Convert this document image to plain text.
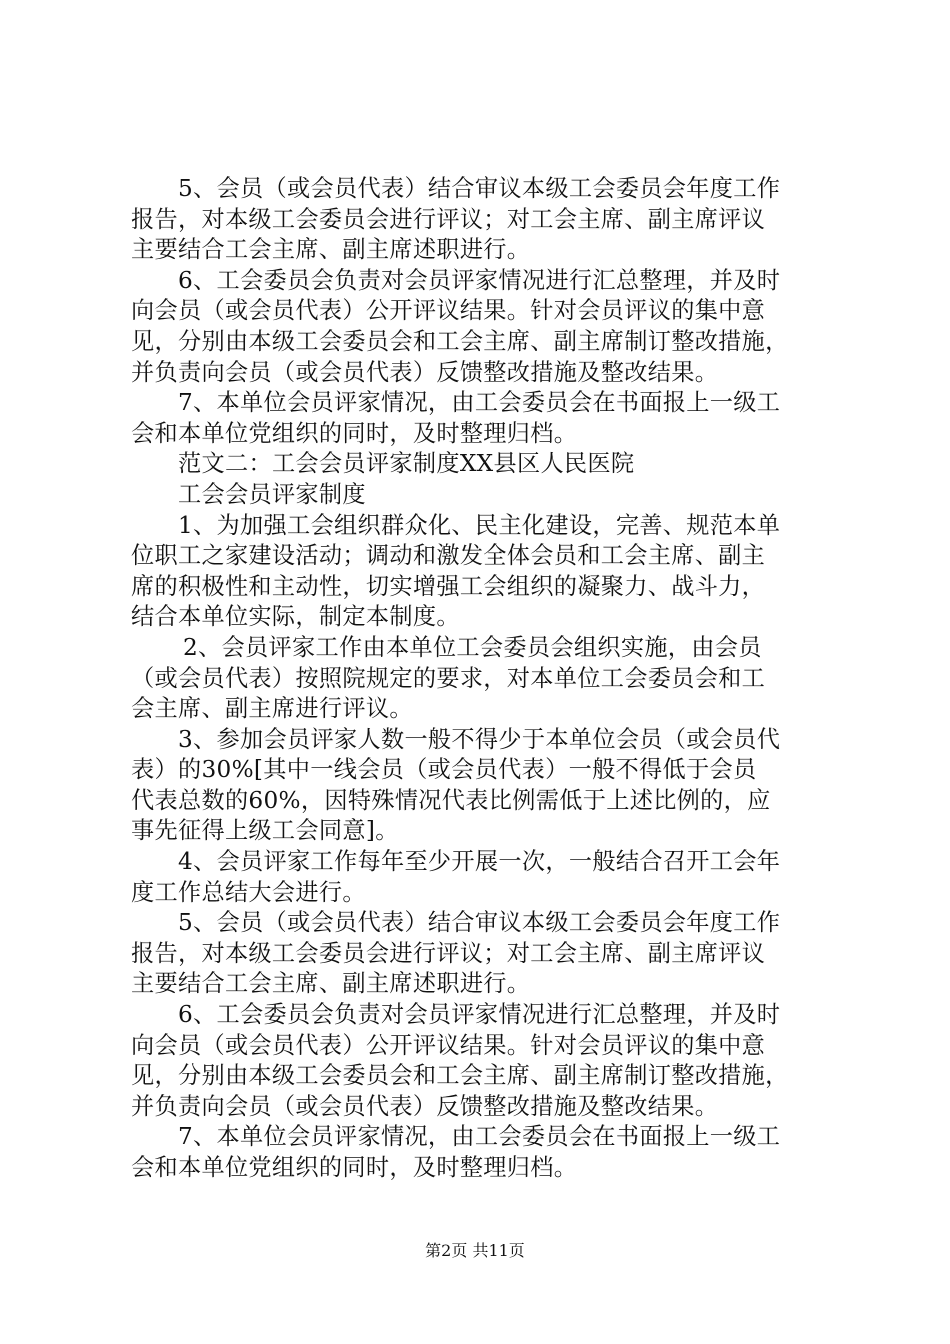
5、会员（或会员代表）结合审议本级工会委员会年度工作
报告，对本级工会委员会进行评议；对工会主席、副主席评议
主要结合工会主席、副主席述职进行。
6、工会委员会负责对会员评家情况进行汇总整理，并及时
向会员（或会员代表）公开评议结果。针对会员评议的集中意
见，分别由本级工会委员会和工会主席、副主席制订整改措施，
并负责向会员（或会员代表）反馈整改措施及整改结果。
7、本单位会员评家情况，由工会委员会在书面报上一级工
会和本单位党组织的同时，及时整理归档。
范文二：工会会员评家制度XX县区人民医院
工会会员评家制度
1、为加强工会组织群众化、民主化建设，完善、规范本单
位职工之家建设活动；调动和激发全体会员和工会主席、副主
席的积极性和主动性，切实增强工会组织的凝聚力、战斗力，
结合本单位实际，制定本制度。
2、会员评家工作由本单位工会委员会组织实施，由会员
（或会员代表）按照院规定的要求，对本单位工会委员会和工
会主席、副主席进行评议。
3、参加会员评家人数一般不得少于本单位会员（或会员代
表）的30%[其中一线会员（或会员代表）一般不得低于会员
代表总数的60%，因特殊情况代表比例需低于上述比例的，应
事先征得上级工会同意]。
4、会员评家工作每年至少开展一次，一般结合召开工会年
度工作总结大会进行。
5、会员（或会员代表）结合审议本级工会委员会年度工作
报告，对本级工会委员会进行评议；对工会主席、副主席评议
主要结合工会主席、副主席述职进行。
6、工会委员会负责对会员评家情况进行汇总整理，并及时
向会员（或会员代表）公开评议结果。针对会员评议的集中意
见，分别由本级工会委员会和工会主席、副主席制订整改措施，
并负责向会员（或会员代表）反馈整改措施及整改结果。
7、本单位会员评家情况，由工会委员会在书面报上一级工
会和本单位党组织的同时，及时整理归档。
第2页 共11页
